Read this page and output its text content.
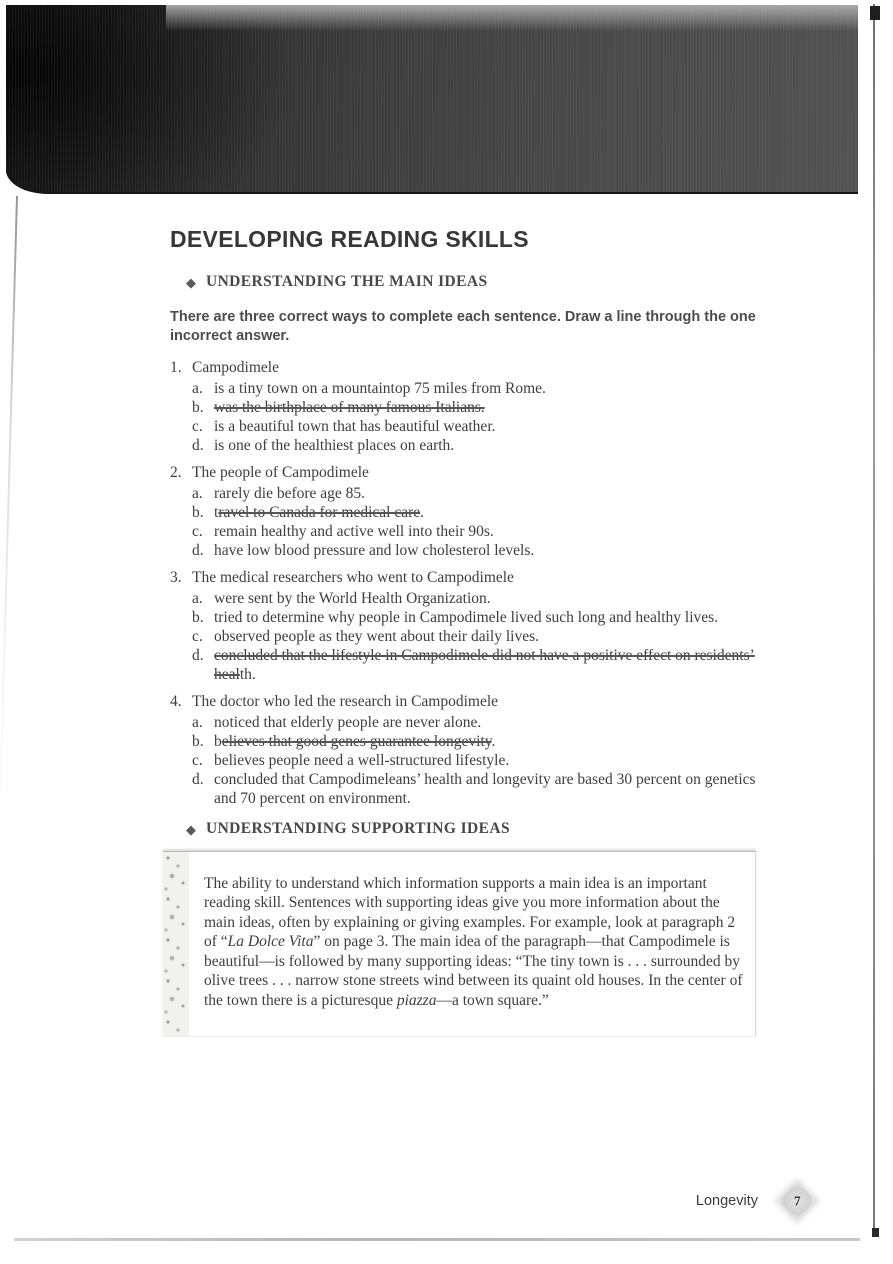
DEVELOPING READING SKILLS
◆ UNDERSTANDING THE MAIN IDEAS

There are three correct ways to complete each sentence. Draw a line through the one incorrect answer.

1. Campodimele
a. is a tiny town on a mountaintop 75 miles from Rome.
b. was the birthplace of many famous Italians.
c. is a beautiful town that has beautiful weather.
d. is one of the healthiest places on earth.
2. The people of Campodimele
a. rarely die before age 85.
b. travel to Canada for medical care.
c. remain healthy and active well into their 90s.
d. have low blood pressure and low cholesterol levels.
3. The medical researchers who went to Campodimele
a. were sent by the World Health Organization.
b. tried to determine why people in Campodimele lived such long and healthy lives.
c. observed people as they went about their daily lives.
d. concluded that the lifestyle in Campodimele did not have a positive effect on residents’ health.
4. The doctor who led the research in Campodimele
a. noticed that elderly people are never alone.
b. believes that good genes guarantee longevity.
c. believes people need a well-structured lifestyle.
d. concluded that Campodimeleans’ health and longevity are based 30 percent on genetics and 70 percent on environment.
◆ UNDERSTANDING SUPPORTING IDEAS

The ability to understand which information supports a main idea is an important reading skill. Sentences with supporting ideas give you more information about the main ideas, often by explaining or giving examples. For example, look at paragraph 2 of “La Dolce Vita” on page 3. The main idea of the paragraph—that Campodimele is beautiful—is followed by many supporting ideas: “The tiny town is . . . surrounded by olive trees . . . narrow stone streets wind between its quaint old houses. In the center of the town there is a picturesque piazza—a town square.”

Longevity	7
